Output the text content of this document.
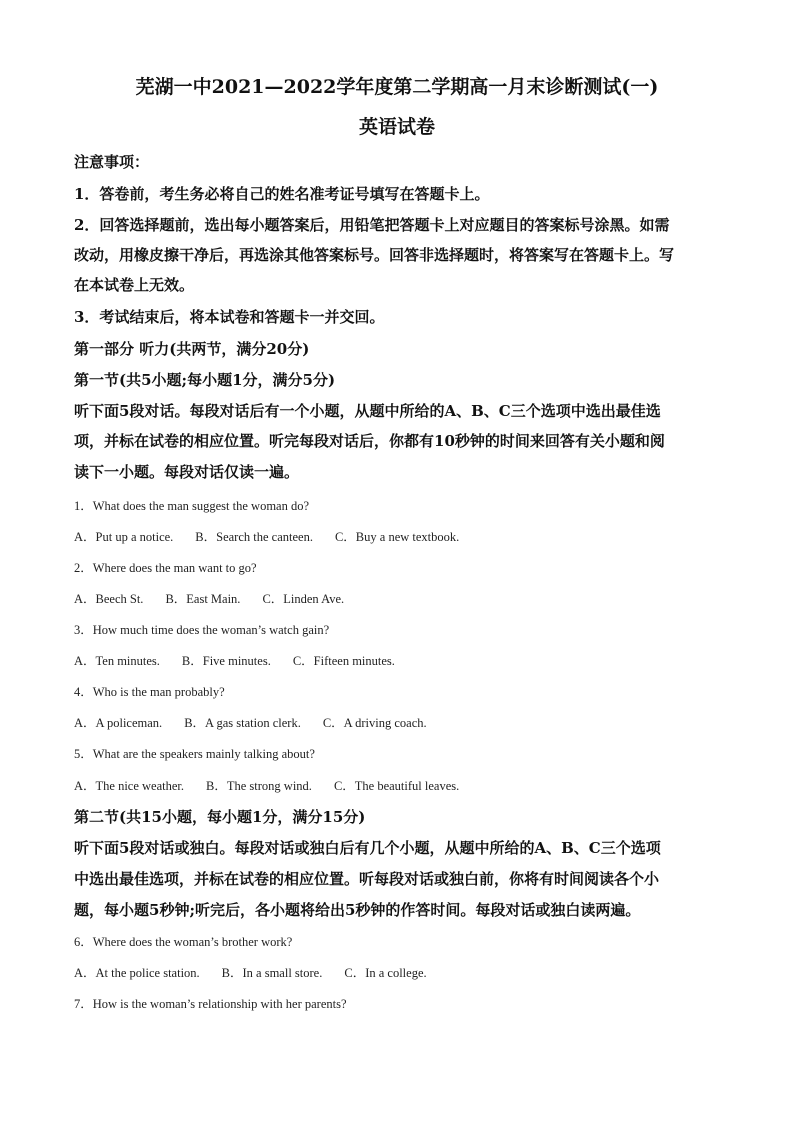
芜湖一中2021—2022学年度第二学期高一月末诊断测试(一)
英语试卷
注意事项：
1．答卷前，考生务必将自己的姓名准考证号填写在答题卡上。
2．回答选择题前，选出每小题答案后，用铅笔把答题卡上对应题目的答案标号涂黑。如需
改动，用橡皮擦干净后，再选涂其他答案标号。回答非选择题时，将答案写在答题卡上。写
在本试卷上无效。
3．考试结束后，将本试卷和答题卡一并交回。
第一部分 听力(共两节，满分20分)
第一节(共5小题;每小题1分，满分5分)
听下面5段对话。每段对话后有一个小题，从题中所给的A、B、C三个选项中选出最佳选
项，并标在试卷的相应位置。听完每段对话后，你都有10秒钟的时间来回答有关小题和阅
读下一小题。每段对话仅读一遍。
1．What does the man suggest the woman do?
A．Put up a notice. B．Search the canteen. C．Buy a new textbook.
2．Where does the man want to go?
A．Beech St. B．East Main. C．Linden Ave.
3．How much time does the woman’s watch gain?
A．Ten minutes. B．Five minutes. C．Fifteen minutes.
4．Who is the man probably?
A．A policeman. B．A gas station clerk. C．A driving coach.
5．What are the speakers mainly talking about?
A．The nice weather. B．The strong wind. C．The beautiful leaves.
第二节(共15小题，每小题1分，满分15分)
听下面5段对话或独白。每段对话或独白后有几个小题，从题中所给的A、B、C三个选项
中选出最佳选项，并标在试卷的相应位置。听每段对话或独白前，你将有时间阅读各个小
题，每小题5秒钟;听完后，各小题将给出5秒钟的作答时间。每段对话或独白读两遍。
6．Where does the woman’s brother work?
A．At the police station. B．In a small store. C．In a college.
7．How is the woman’s relationship with her parents?
